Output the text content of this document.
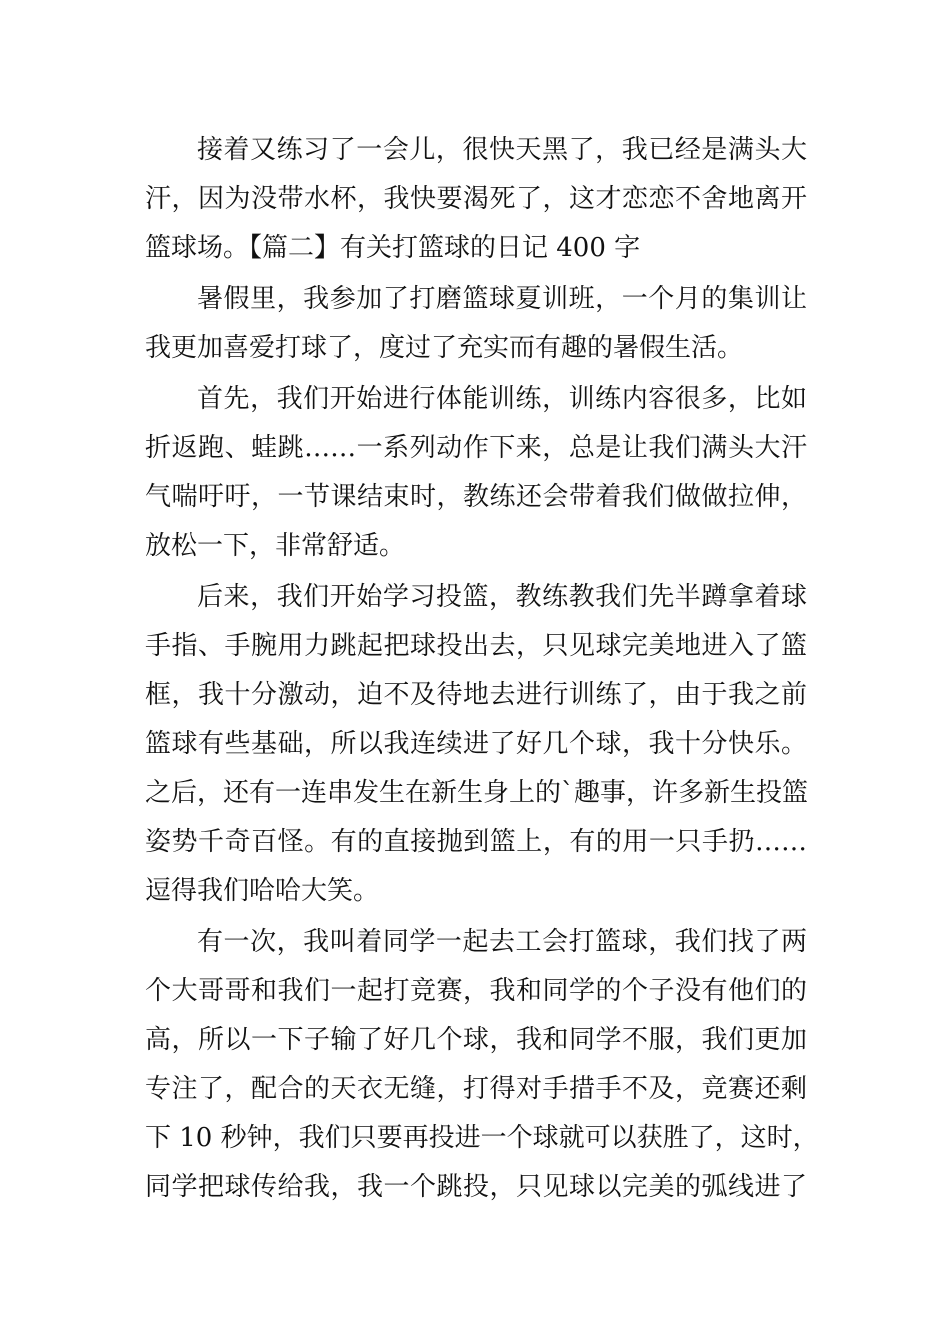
接着又练习了一会儿，很快天黑了，我已经是满头大
汗，因为没带水杯，我快要渴死了，这才恋恋不舍地离开
篮球场。【篇二】有关打篮球的日记 400 字
暑假里，我参加了打磨篮球夏训班，一个月的集训让
我更加喜爱打球了，度过了充实而有趣的暑假生活。
首先，我们开始进行体能训练，训练内容很多，比如
折返跑、蛙跳……一系列动作下来，总是让我们满头大汗
气喘吁吁，一节课结束时，教练还会带着我们做做拉伸，
放松一下，非常舒适。
后来，我们开始学习投篮，教练教我们先半蹲拿着球
手指、手腕用力跳起把球投出去，只见球完美地进入了篮
框，我十分激动，迫不及待地去进行训练了，由于我之前
篮球有些基础，所以我连续进了好几个球，我十分快乐。
之后，还有一连串发生在新生身上的`趣事，许多新生投篮
姿势千奇百怪。有的直接抛到篮上，有的用一只手扔……
逗得我们哈哈大笑。
有一次，我叫着同学一起去工会打篮球，我们找了两
个大哥哥和我们一起打竞赛，我和同学的个子没有他们的
高，所以一下子输了好几个球，我和同学不服，我们更加
专注了，配合的天衣无缝，打得对手措手不及，竞赛还剩
下 10 秒钟，我们只要再投进一个球就可以获胜了，这时，
同学把球传给我，我一个跳投，只见球以完美的弧线进了
